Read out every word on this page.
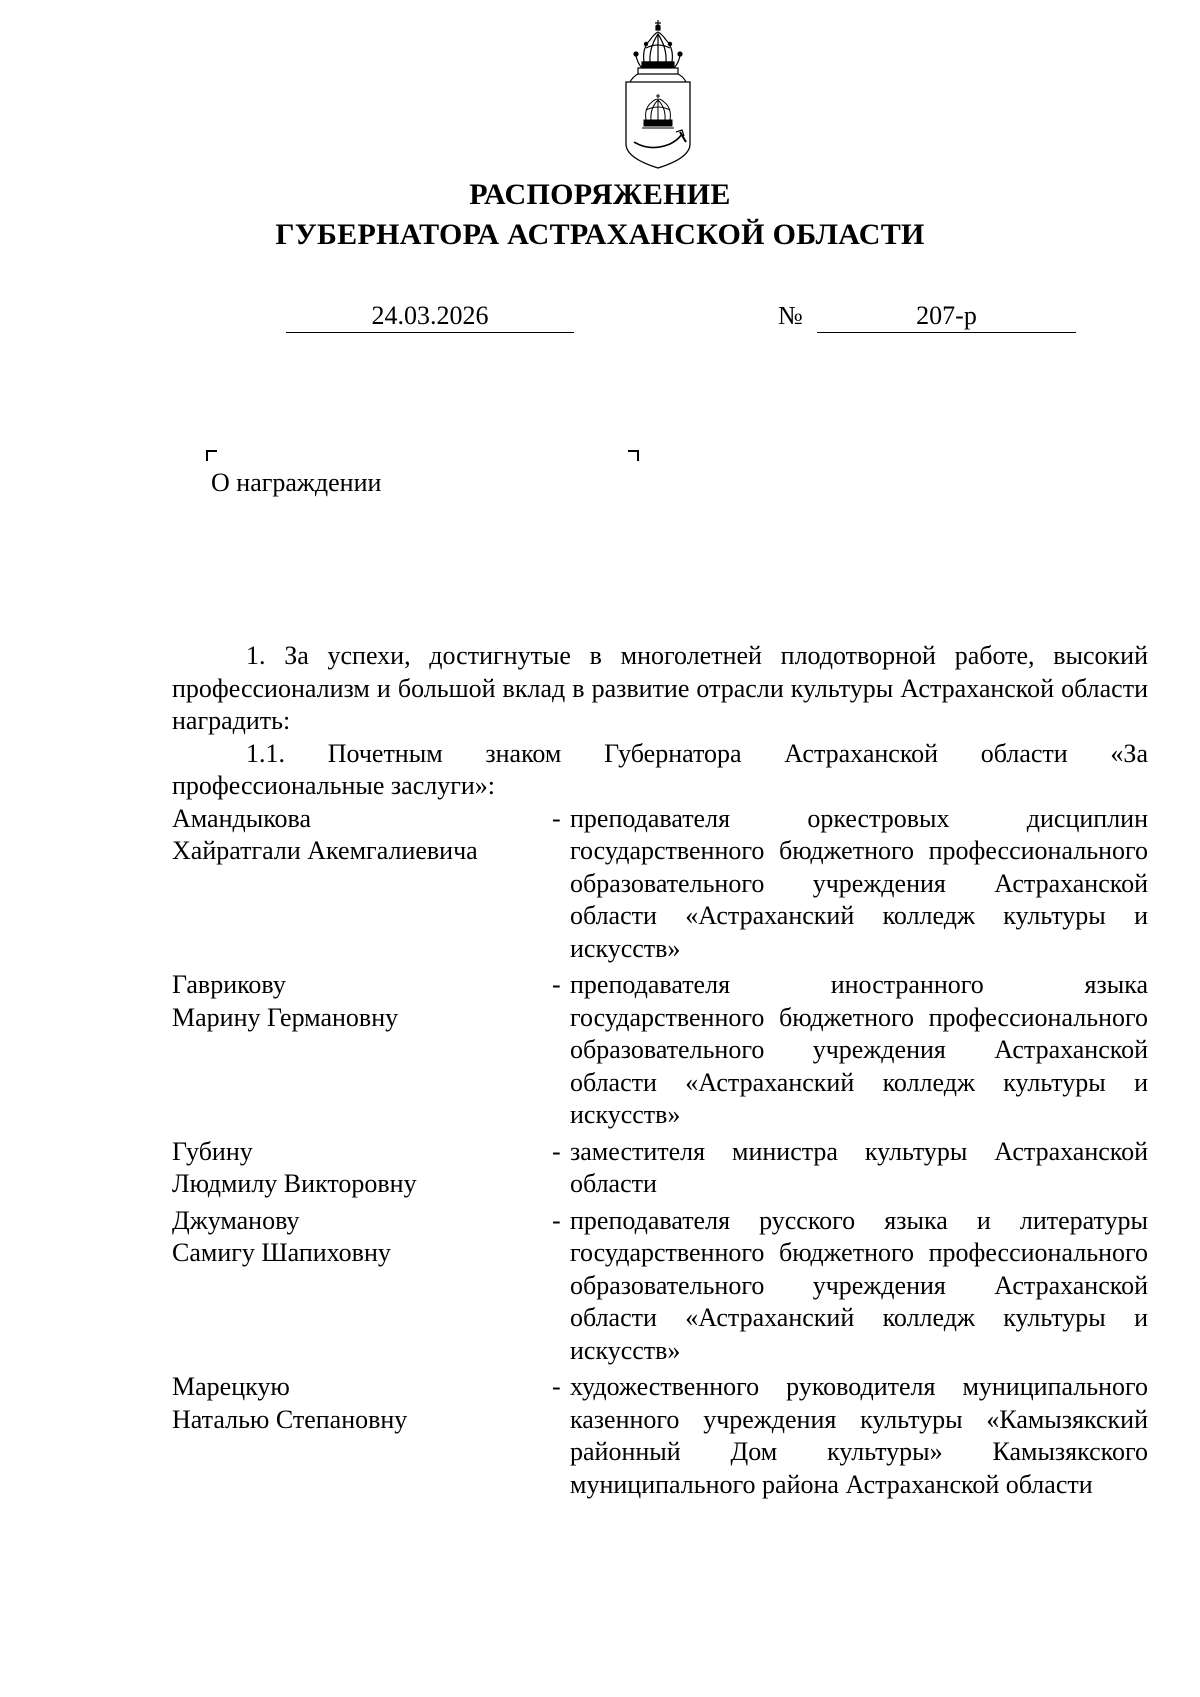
РАСПОРЯЖЕНИЕ
ГУБЕРНАТОРА АСТРАХАНСКОЙ ОБЛАСТИ
24.03.2026	№	207-р
О награждении

1. За успехи, достигнутые в многолетней плодотворной работе, высокий профессионализм и большой вклад в развитие отрасли культуры Астраханской области наградить:

1.1. Почетным знаком Губернатора Астраханской области «За профессиональные заслуги»:

Амандыкова
Хайратгали Акемгалиевича
- преподавателя оркестровых дисциплин государственного бюджетного профессионального образовательного учреждения Астраханской области «Астраханский колледж культуры и искусств»
Гаврикову
Марину Германовну
- преподавателя иностранного языка государственного бюджетного профессионального образовательного учреждения Астраханской области «Астраханский колледж культуры и искусств»
Губину
Людмилу Викторовну
- заместителя министра культуры Астраханской области
Джуманову
Самигу Шапиховну
- преподавателя русского языка и литературы государственного бюджетного профессионального образовательного учреждения Астраханской области «Астраханский колледж культуры и искусств»
Марецкую
Наталью Степановну
- художественного руководителя муниципального казенного учреждения культуры «Камызякский районный Дом культуры» Камызякского муниципального района Астраханской области
